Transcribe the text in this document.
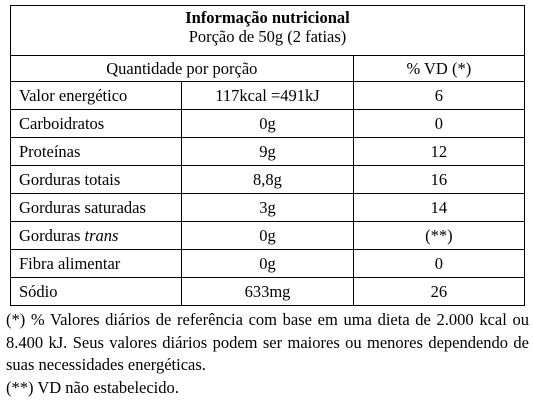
Informação nutricional
Porção de 50g (2 fatias)		

Quantidade por porção		% VD (*)
Valor energético	117kcal =491kJ	6
Carboidratos	0g	0
Proteínas	9g	12
Gorduras totais	8,8g	16
Gorduras saturadas	3g	14
Gorduras trans	0g	(**)
Fibra alimentar	0g	0
Sódio	633mg	26

(*) % Valores diários de referência com base em uma dieta de 2.000 kcal ou 8.400 kJ. Seus valores diários podem ser maiores ou menores dependendo de suas necessidades energéticas.

(**) VD não estabelecido.
